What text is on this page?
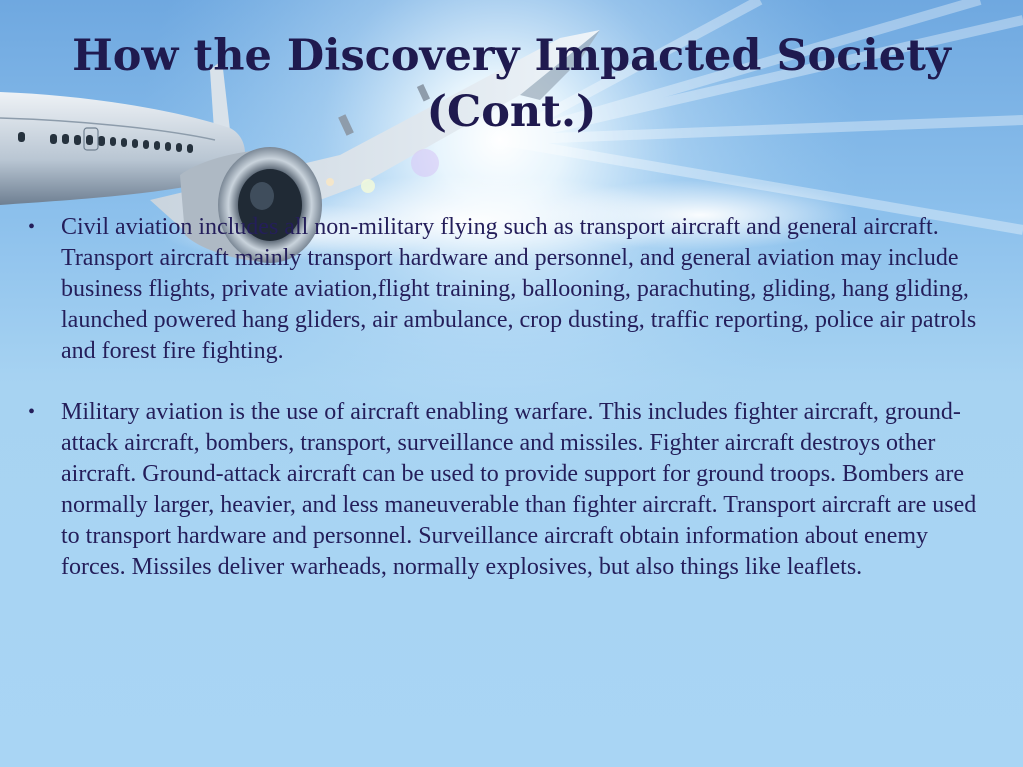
How the Discovery Impacted Society
(Cont.)
•	Civil aviation includes all non-military flying such as transport aircraft and general aircraft. Transport aircraft mainly transport hardware and personnel, and general aviation may include business flights, private aviation,flight training, ballooning, parachuting, gliding, hang gliding, launched powered hang gliders, air ambulance, crop dusting, traffic reporting, police air patrols and forest fire fighting.
•	Military aviation is the use of aircraft enabling warfare. This includes fighter aircraft, ground-attack aircraft, bombers, transport, surveillance and missiles. Fighter aircraft destroys other aircraft. Ground-attack aircraft can be used to provide support for ground troops. Bombers are normally larger, heavier, and less maneuverable than fighter aircraft. Transport aircraft are used to transport hardware and personnel. Surveillance aircraft obtain information about enemy forces. Missiles deliver warheads, normally explosives, but also things like leaflets.
